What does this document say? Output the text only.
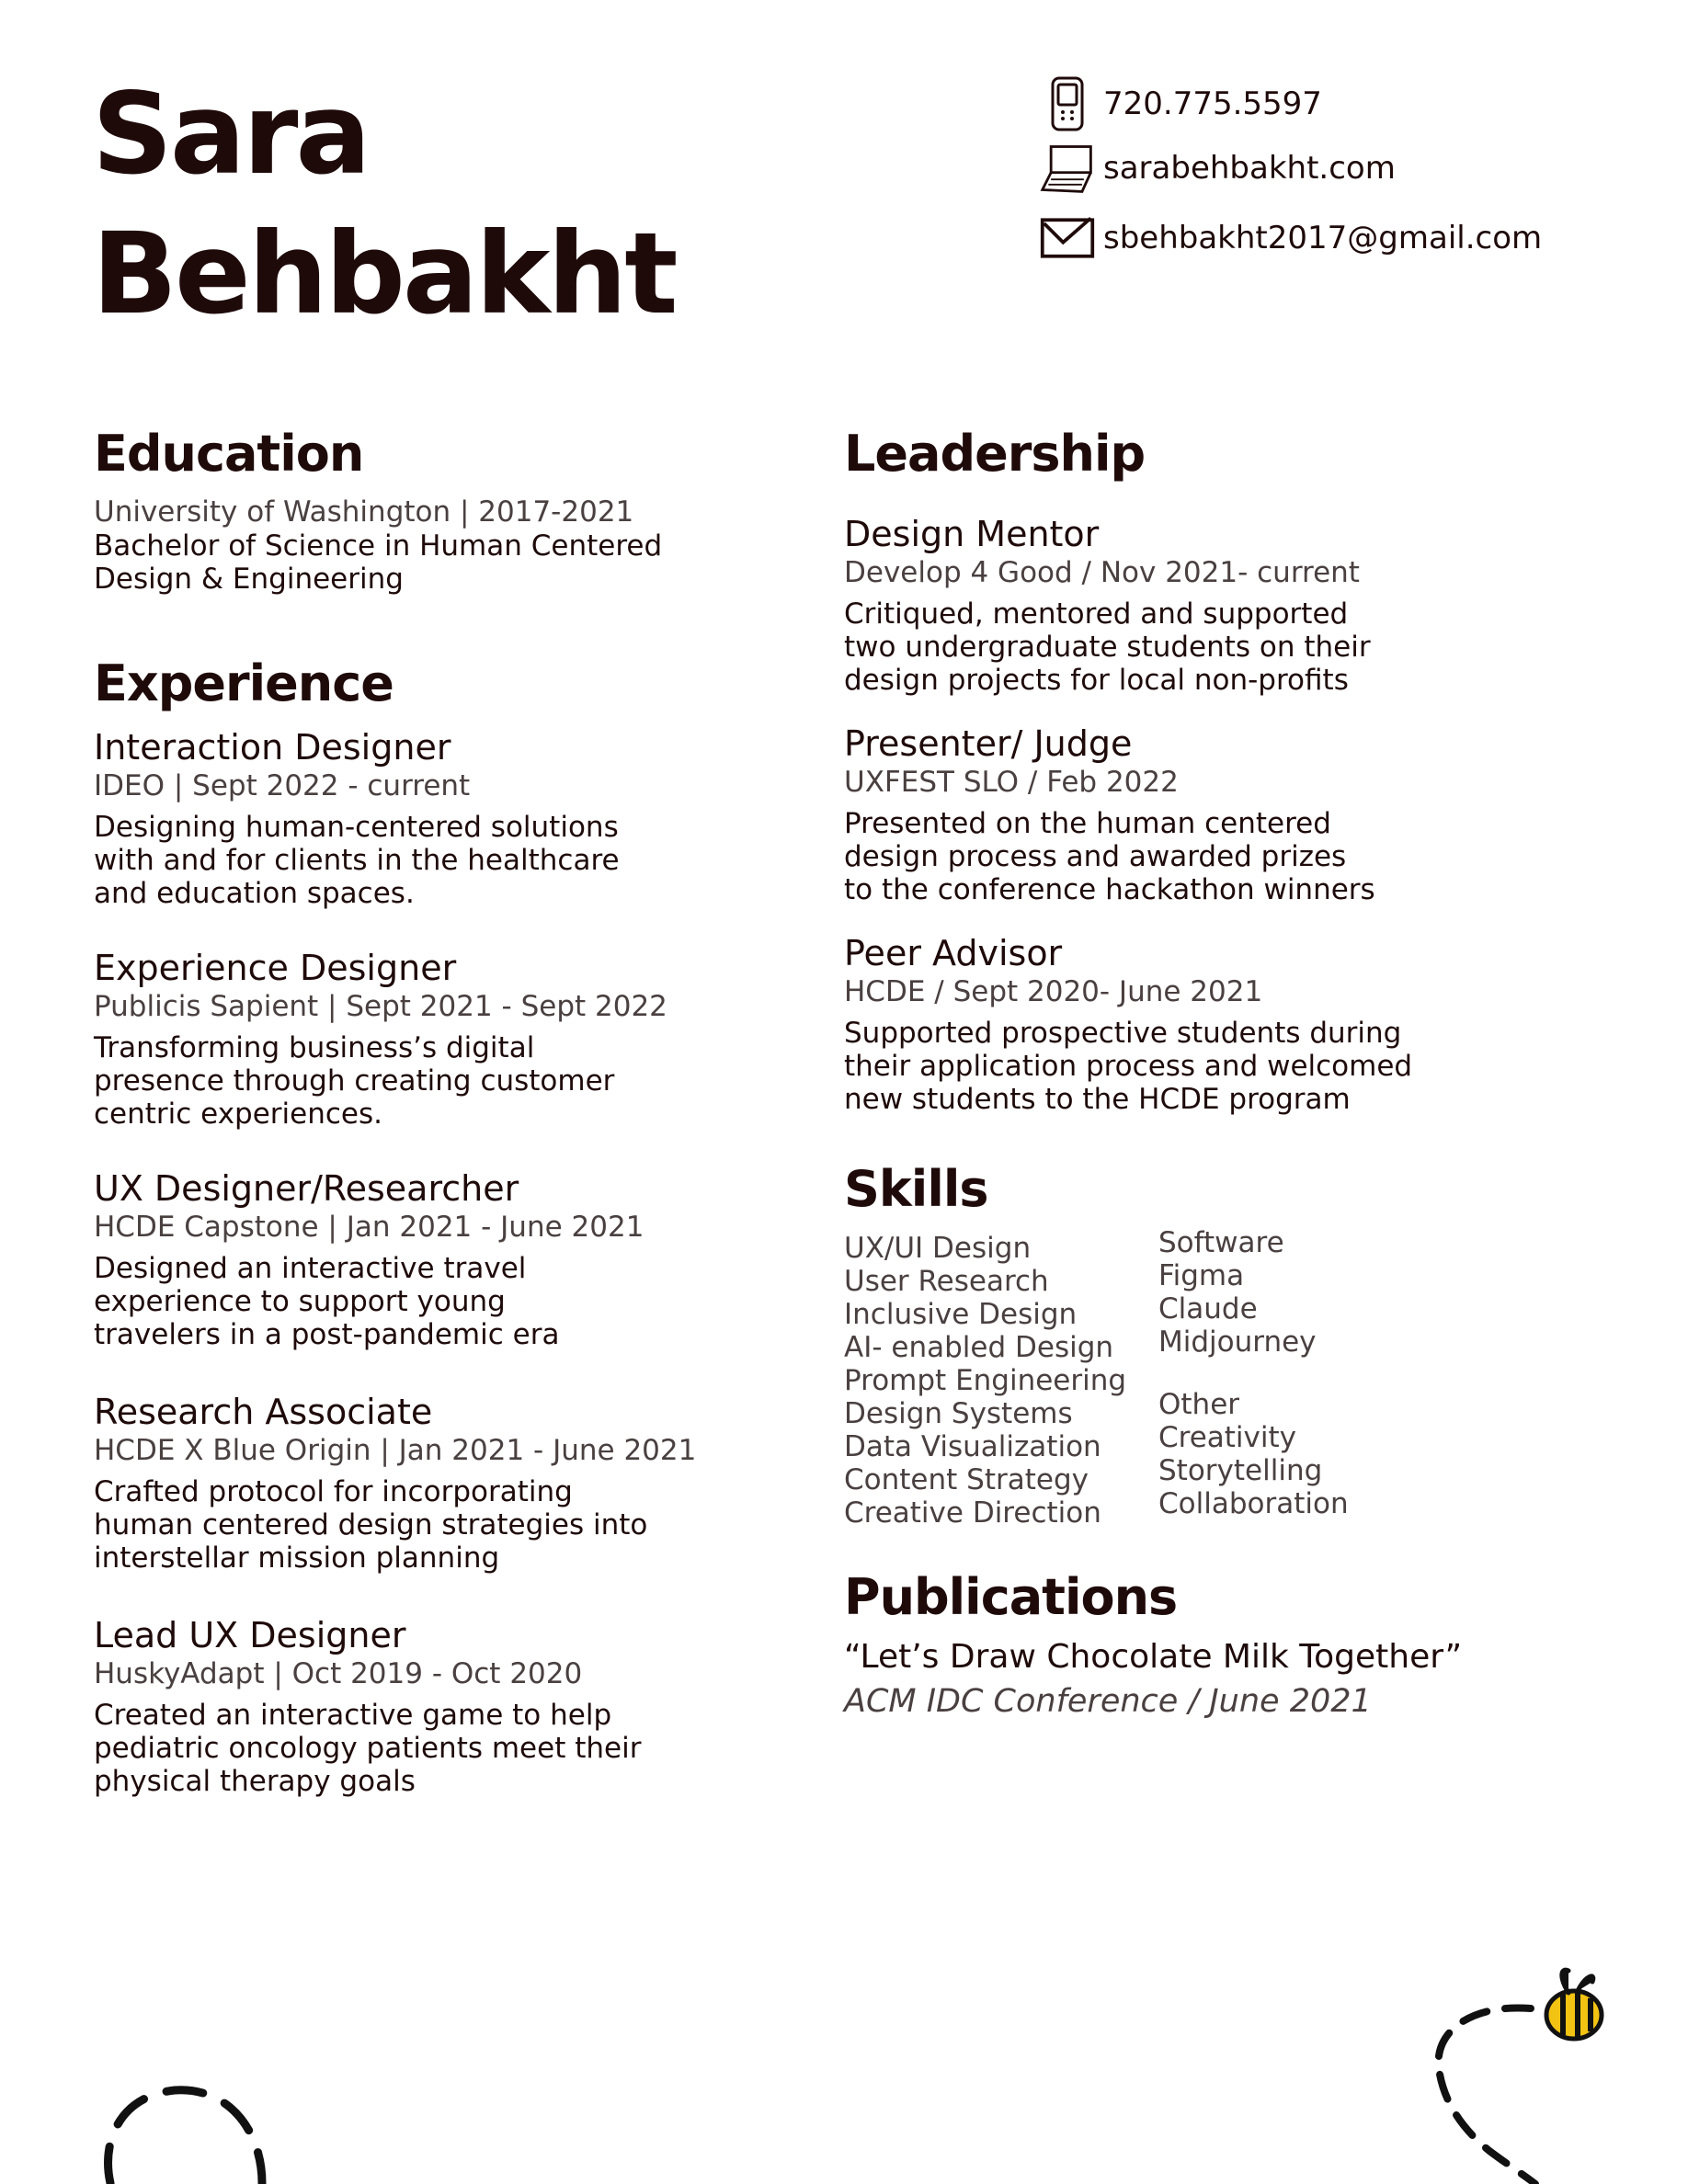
Sara
Behbakht
720.775.5597
sarabehbakht.com
sbehbakht2017@gmail.com
Education
University of Washington | 2017-2021
Bachelor of Science in Human Centered
Design & Engineering
Experience
Interaction Designer
IDEO | Sept 2022 - current
Designing human-centered solutions
with and for clients in the healthcare
and education spaces.
Experience Designer
Publicis Sapient | Sept 2021 - Sept 2022
Transforming business’s digital
presence through creating customer
centric experiences.
UX Designer/Researcher
HCDE Capstone | Jan 2021 - June 2021
Designed an interactive travel
experience to support young
travelers in a post-pandemic era
Research Associate
HCDE X Blue Origin | Jan 2021 - June 2021
Crafted protocol for incorporating
human centered design strategies into
interstellar mission planning
Lead UX Designer
HuskyAdapt | Oct 2019 - Oct 2020
Created an interactive game to help
pediatric oncology patients meet their
physical therapy goals
Leadership
Design Mentor
Develop 4 Good / Nov 2021- current
Critiqued, mentored and supported
two undergraduate students on their
design projects for local non-profits
Presenter/ Judge
UXFEST SLO / Feb 2022
Presented on the human centered
design process and awarded prizes
to the conference hackathon winners
Peer Advisor
HCDE / Sept 2020- June 2021
Supported prospective students during
their application process and welcomed
new students to the HCDE program
Skills
UX/UI Design
User Research
Inclusive Design
AI- enabled Design
Prompt Engineering
Design Systems
Data Visualization
Content Strategy
Creative Direction
Software
Figma
Claude
Midjourney
Other
Creativity
Storytelling
Collaboration
Publications
“Let’s Draw Chocolate Milk Together”
ACM IDC Conference / June 2021
